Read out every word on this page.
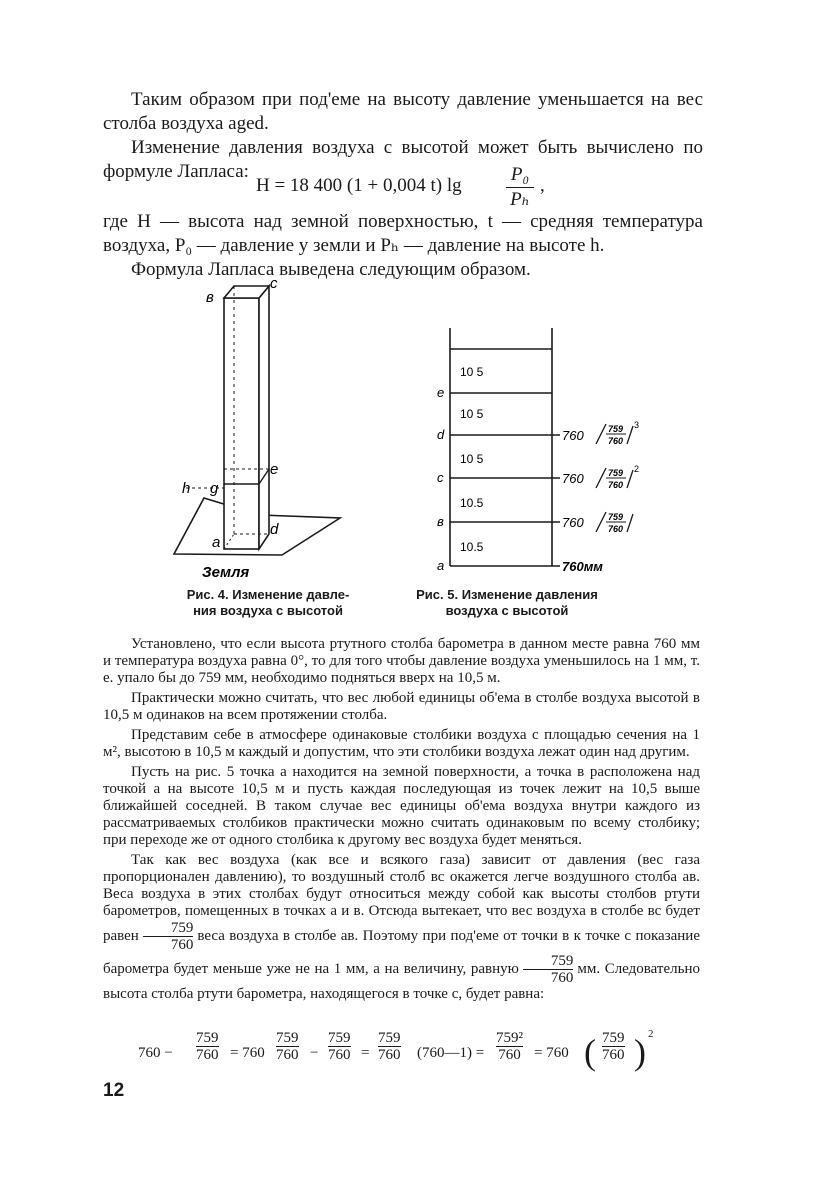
Таким образом при под'еме на высоту давление уменьшается на вес столба воздуха aged.

Изменение давления воздуха с высотой может быть вычислено по формуле Лапласа:

H = 18 400 (1 + 0,004 t) lg
P₀
Pₕ
,

где H — высота над земной поверхностью, t — средняя температура воздуха, P₀ — давление у земли и Pₕ — давление на высоте h.

Формула Лапласа выведена следующим образом.

в
c
h g
e
a
d
Земля
Рис. 4. Изменение давле-
ния воздуха с высотой
10 5
10 5
10 5
10.5
10.5
e
d
c
в
a
760	759
760
3
760	759
760
2
760	759
760
760мм
Рис. 5. Изменение давления
воздуха с высотой

Установлено, что если высота ртутного столба барометра в данном месте равна 760 мм и температура воздуха равна 0°, то для того чтобы давление воздуха уменьшилось на 1 мм, т. е. упало бы до 759 мм, необходимо подняться вверх на 10,5 м.

Практически можно считать, что вес любой единицы об'ема в столбе воздуха высотой в 10,5 м одинаков на всем протяжении столба.

Представим себе в атмосфере одинаковые столбики воздуха с площадью сечения на 1 м², высотою в 10,5 м каждый и допустим, что эти столбики воздуха лежат один над другим.

Пусть на рис. 5 точка a находится на земной поверхности, а точка в расположена над точкой a на высоте 10,5 м и пусть каждая последующая из точек лежит на 10,5 выше ближайшей соседней. В таком случае вес единицы об'ема воздуха внутри каждого из рассматриваемых столбиков практически можно считать одинаковым по всему столбику; при переходе же от одного столбика к другому вес воздуха будет меняться.

Так как вес воздуха (как все и всякого газа) зависит от давления (вес газа пропорционален давлению), то воздушный столб вс окажется легче воздушного столба ав. Веса воздуха в этих столбах будут относиться между собой как высоты столбов ртути барометров, помещенных в точках a и в. Отсюда вытекает, что вес воздуха в столбе вс будет равен $\frac{759}{760}$ веса воздуха в столбе ав. Поэтому при под'еме от точки в к точке c показание барометра будет меньше уже не на 1 мм, а на величину, равную $\frac{759}{760}$ мм. Следовательно высота столба ртути барометра, находящегося в точке c, будет равна:

760 −
759
760 = 760
759
760 −
759
760 =
759
760 (760—1) =
759²
760 = 760 ( 759
760 ) 2
12
